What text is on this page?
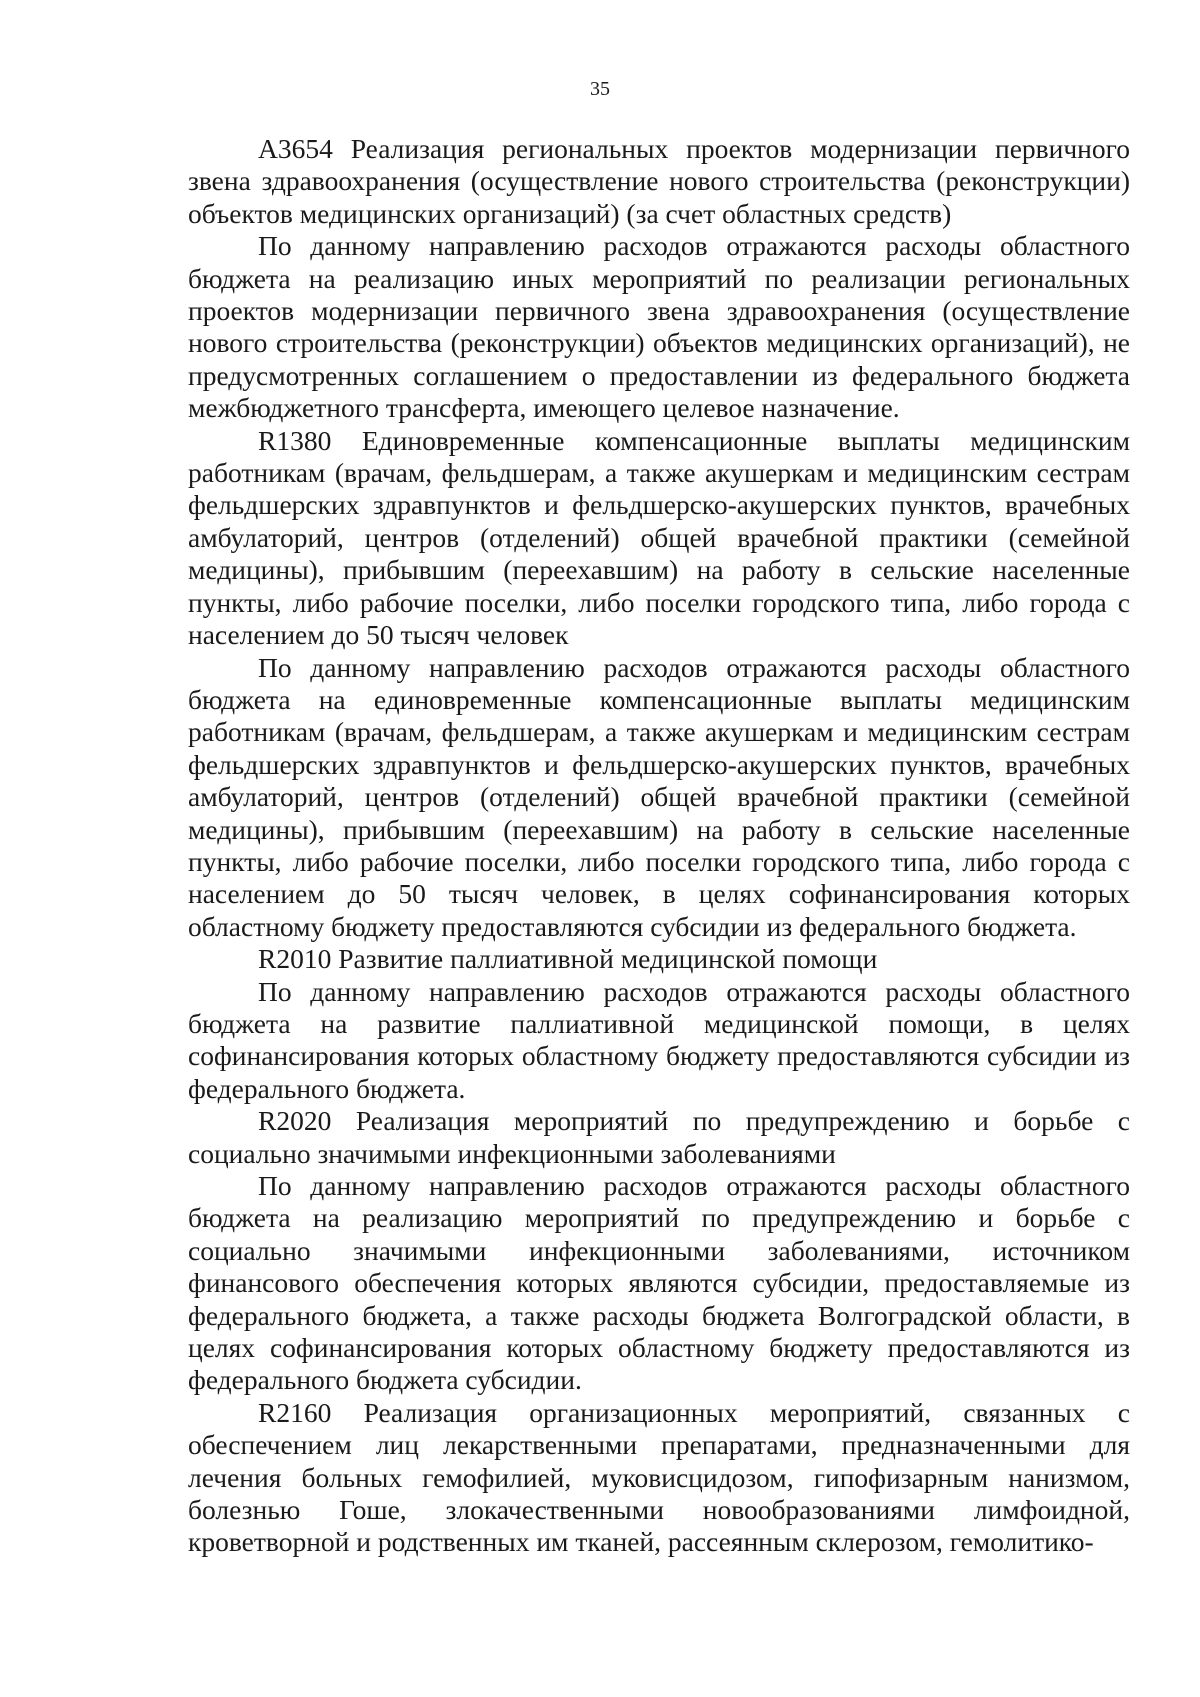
35

А3654 Реализация региональных проектов модернизации первичного звена здравоохранения (осуществление нового строительства (реконструкции) объектов медицинских организаций) (за счет областных средств)

По данному направлению расходов отражаются расходы областного бюджета на реализацию иных мероприятий по реализации региональных проектов модернизации первичного звена здравоохранения (осуществление нового строительства (реконструкции) объектов медицинских организаций), не предусмотренных соглашением о предоставлении из федерального бюджета межбюджетного трансферта, имеющего целевое назначение.

R1380 Единовременные компенсационные выплаты медицинским работникам (врачам, фельдшерам, а также акушеркам и медицинским сестрам фельдшерских здравпунктов и фельдшерско-акушерских пунктов, врачебных амбулаторий, центров (отделений) общей врачебной практики (семейной медицины), прибывшим (переехавшим) на работу в сельские населенные пункты, либо рабочие поселки, либо поселки городского типа, либо города с населением до 50 тысяч человек

По данному направлению расходов отражаются расходы областного бюджета на единовременные компенсационные выплаты медицинским работникам (врачам, фельдшерам, а также акушеркам и медицинским сестрам фельдшерских здравпунктов и фельдшерско-акушерских пунктов, врачебных амбулаторий, центров (отделений) общей врачебной практики (семейной медицины), прибывшим (переехавшим) на работу в сельские населенные пункты, либо рабочие поселки, либо поселки городского типа, либо города с населением до 50 тысяч человек, в целях софинансирования которых областному бюджету предоставляются субсидии из федерального бюджета.

R2010 Развитие паллиативной медицинской помощи

По данному направлению расходов отражаются расходы областного бюджета на развитие паллиативной медицинской помощи, в целях софинансирования которых областному бюджету предоставляются субсидии из федерального бюджета.

R2020 Реализация мероприятий по предупреждению и борьбе с социально значимыми инфекционными заболеваниями

По данному направлению расходов отражаются расходы областного бюджета на реализацию мероприятий по предупреждению и борьбе с социально значимыми инфекционными заболеваниями, источником финансового обеспечения которых являются субсидии, предоставляемые из федерального бюджета, а также расходы бюджета Волгоградской области, в целях софинансирования которых областному бюджету предоставляются из федерального бюджета субсидии.

R2160 Реализация организационных мероприятий, связанных с обеспечением лиц лекарственными препаратами, предназначенными для лечения больных гемофилией, муковисцидозом, гипофизарным нанизмом, болезнью Гоше, злокачественными новообразованиями лимфоидной, кроветворной и родственных им тканей, рассеянным склерозом, гемолитико-
